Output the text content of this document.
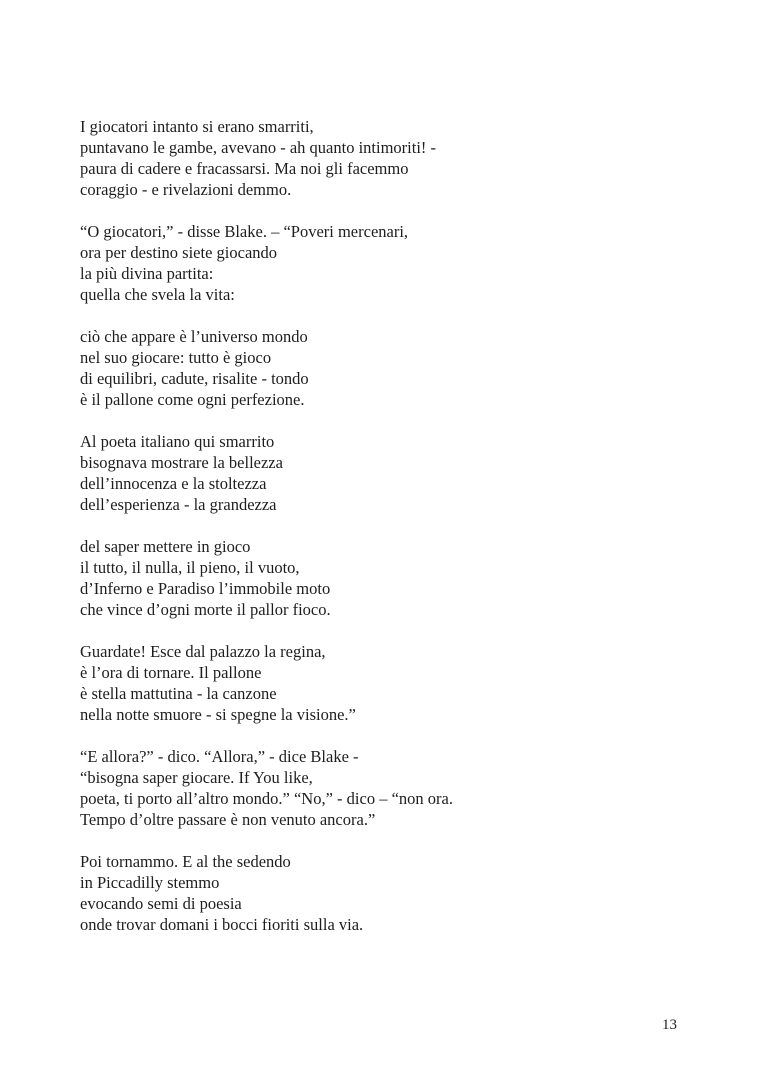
I giocatori intanto si erano smarriti,
puntavano le gambe, avevano - ah quanto intimoriti! -
paura di cadere e fracassarsi. Ma noi gli facemmo
coraggio - e rivelazioni demmo.
“O giocatori,” - disse Blake. – “Poveri mercenari,
ora per destino siete giocando
la più divina partita:
quella che svela la vita:
ciò che appare è l’universo mondo
nel suo giocare: tutto è gioco
di equilibri, cadute, risalite - tondo
è il pallone come ogni perfezione.
Al poeta italiano qui smarrito
bisognava mostrare la bellezza
dell’innocenza e la stoltezza
dell’esperienza - la grandezza
del saper mettere in gioco
il tutto, il nulla, il pieno, il vuoto,
d’Inferno e Paradiso l’immobile moto
che vince d’ogni morte il pallor fioco.
Guardate! Esce dal palazzo la regina,
è l’ora di tornare. Il pallone
è stella mattutina - la canzone
nella notte smuore - si spegne la visione.”
“E allora?” - dico. “Allora,” - dice Blake -
“bisogna saper giocare. If You like,
poeta, ti porto all’altro mondo.” “No,” - dico – “non ora.
Tempo d’oltre passare è non venuto ancora.”
Poi tornammo. E al the sedendo
in Piccadilly stemmo
evocando semi di poesia
onde trovar domani i bocci fioriti sulla via.
13
